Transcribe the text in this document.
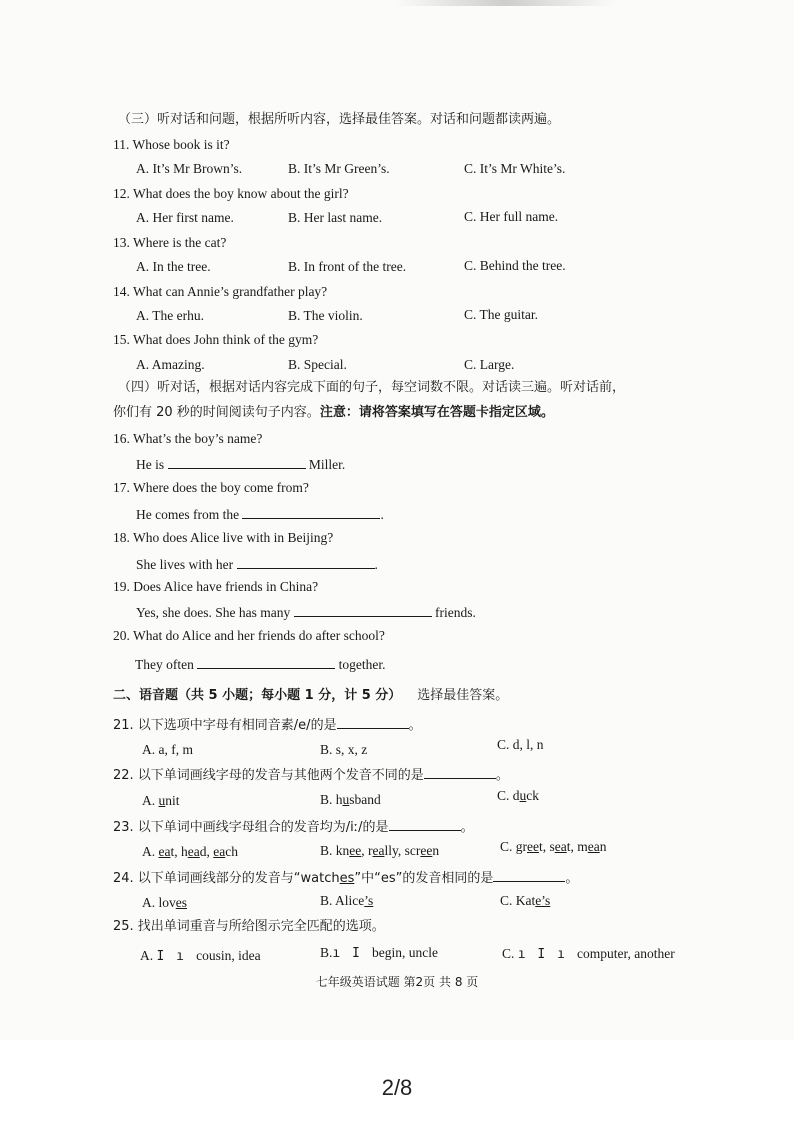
（三）听对话和问题，根据所听内容，选择最佳答案。对话和问题都读两遍。
11. Whose book is it?
A. It’s Mr Brown’s.	B. It’s Mr Green’s.	C. It’s Mr White’s.
12. What does the boy know about the girl?
A. Her first name.	B. Her last name.	C. Her full name.
13. Where is the cat?
A. In the tree.	B. In front of the tree.	C. Behind the tree.
14. What can Annie’s grandfather play?
A. The erhu.	B. The violin.	C. The guitar.
15. What does John think of the gym?
A. Amazing.	B. Special.	C. Large.
（四）听对话，根据对话内容完成下面的句子，每空词数不限。对话读三遍。听对话前，
你们有 20 秒的时间阅读句子内容。注意：请将答案填写在答题卡指定区域。
16. What’s the boy’s name?
He is	Miller.
17. Where does the boy come from?
He comes from the	.
18. Who does Alice live with in Beijing?
She lives with her	.
19. Does Alice have friends in China?
Yes, she does. She has many	friends.
20. What do Alice and her friends do after school?
They often	together.
二、语音题（共 5 小题；每小题 1 分，计 5 分） 选择最佳答案。
21. 以下选项中字母有相同音素/e/的是	。
A. a, f, m	B. s, x, z	C. d, l, n
22. 以下单词画线字母的发音与其他两个发音不同的是	。
A. unit	B. husband	C. duck
23. 以下单词中画线字母组合的发音均为/iː/的是	。
A. eat, head, each	B. knee, really, screen	C. greet, seat, mean
24. 以下单词画线部分的发音与“watches”中“es”的发音相同的是	。
A. loves	B. Alice’s	C. Kate’s
25. 找出单词重音与所给图示完全匹配的选项。
A. I ı cousin, idea	B.ı I begin, uncle	C. ı I ı computer, another
七年级英语试题 第2页 共 8 页
2/8
